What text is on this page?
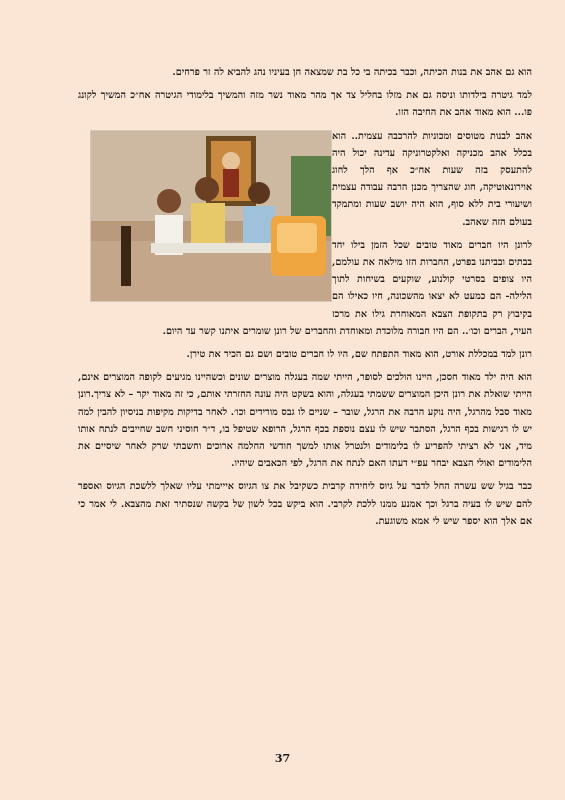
הוא גם אהב את בנות הכיתה, וכבר בכיתה בי כל בת שמצאה חן בעיניו נהג להביא לה זר פרחים.

למד גיטרה בילדותו וניסה גם את מזלו בחליל צד אך מהר מאוד נשר מזה והמשיך בלימודי הגיטרה אח״כ המשיך לקונג פו... הוא מאוד אהב את החיבה הזו.

אהב לבנות מטוסים ומכוניות להרכבה עצמית.. הוא בכלל אהב מכניקה ואלקטרוניקה עדינה יכול היה להתעסק בזה שעות אח״כ אף הלך לחוג אוירונאוטיקה, חוג שהצריך מכנן הרבה עבודה עצמית ושיעורי בית ללא סוף, הוא היה יושב שעות ומתמקד בעולם הזה שאהב.

לרונן היו חברים מאוד טובים שכל הזמן בילו יחד בבתים ובביתנו בפרט, החברות הזו מילאה את עולמם, היו צופים בסרטי קולנוע, שוקעים בשיחות לתוך הלילה- הם כמעט לא יצאו מהשכונה, חיו כאילו הם בקיבוץ רק בתקופת הצבא המאוחרת גילו את מרכז העיר, הברים וכו׳.. הם היו חבורה מלוכדת ומאוחדת והחברים של רונן שומרים איתנו קשר עד היום.

רונן למד במכללת אורט, הוא מאוד התפתח שם, היו לו חברים טובים ושם גם הכיר את טירן.

הוא היה ילד מאוד חסכן, היינו הולכים לסופר, הייתי שמה בעגלה מוצרים שונים וכשהיינו מגיעים לקופה המוצרים אינם, הייתי שואלת את רונן היכן המוצרים ששמתי בעגלה, והוא בשקט היה עונה החזרתי אותם, כי זה מאוד יקר – לא צריך.רונן מאוד סבל מהרגל, היה נוקע הרבה את הרגל, שובר – שניים לו גבס מורידים וכו׳. לאחר בדיקות מקיפות בניסיון להבין למה יש לו רגישות בכף הרגל, הסתבר שיש לו עצם נוספת בכף הרגל, הרופא שטיפל בו, ד״ר חוסיני חשב שחייבים לנתח אותו מיד, אני לא רציתי להפריע לו בלימודים ולנטרל אותו למשך חודשי החלמה ארוכים וחשבתי שרק לאחר שיסיים את הלימודים ואולי הצבא יבחר עפ״י דעתו האם לנתח את הרגל, לפי הכאבים שיהיו.

כבר בגיל שש עשרה החל לדבר על גיוס ליחידה קרבית כשקיבל את צו הגיוס אייימתי עליו שאלך ללשכת הגיוס ואספר להם שיש לו בעיה ברגל וכך אמנע ממנו ללכת לקרבי. הוא ביקש בכל לשון של בקשה שנסתיר זאת מהצבא. לי אמר כי אם אלך הוא יספר שיש לי אמא משוגעת.

37
